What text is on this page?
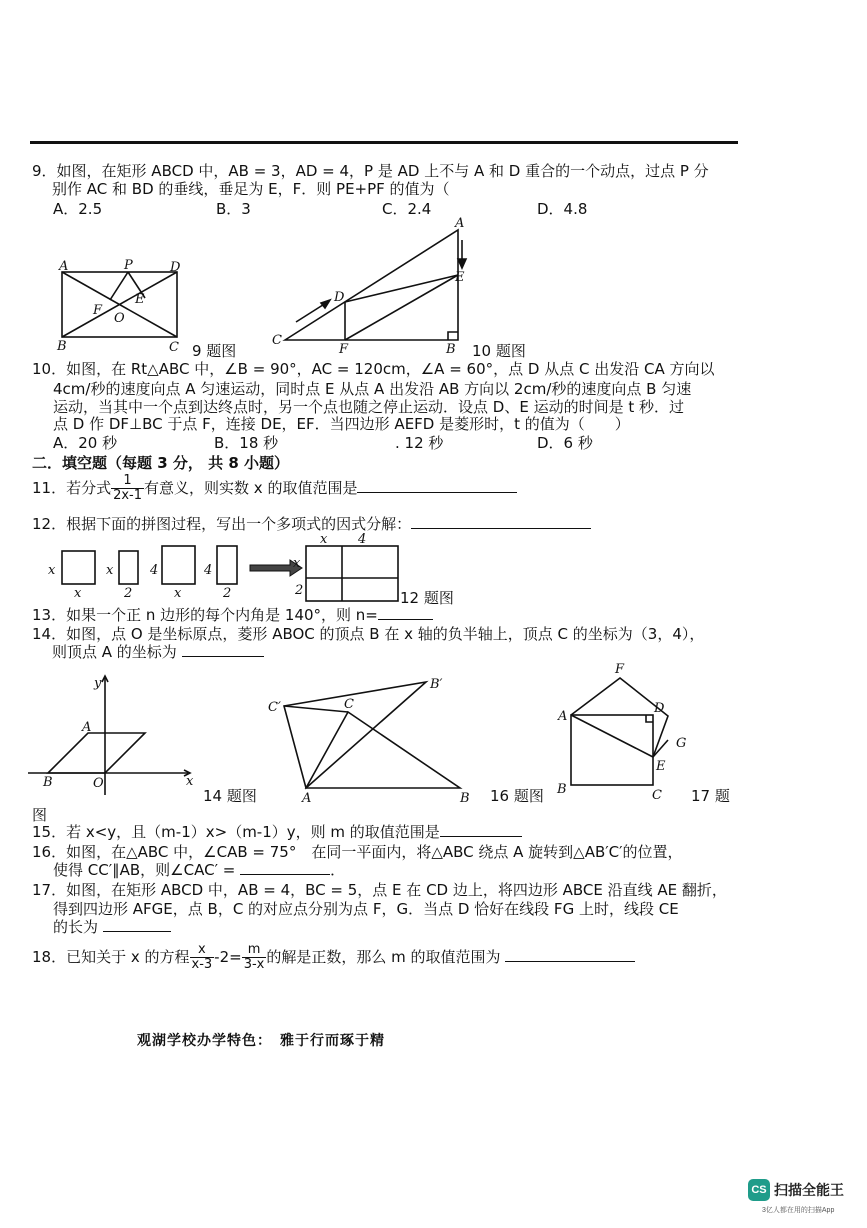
9．如图，在矩形 ABCD 中，AB = 3，AD = 4，P 是 AD 上不与 A 和 D 重合的一个动点，过点 P 分
别作 AC 和 BD 的垂线，垂足为 E，F．则 PE+PF 的值为（
A．2.5	B．3	C．2.4	D．4.8
A	P	D
B	C
F
E
O
A
E
D
C
F	B
9 题图	10 题图
10．如图，在 Rt△ABC 中，∠B = 90°，AC = 120cm，∠A = 60°，点 D 从点 C 出发沿 CA 方向以
4cm/秒的速度向点 A 匀速运动，同时点 E 从点 A 出发沿 AB 方向以 2cm/秒的速度向点 B 匀速
运动，当其中一个点到达终点时，另一个点也随之停止运动．设点 D、E 运动的时间是 t 秒．过
点 D 作 DF⊥BC 于点 F，连接 DE，EF．当四边形 AEFD 是菱形时，t 的值为（　　）
A．20 秒	B．18 秒	. 12 秒	D．6 秒
二．填空题（每题 3 分， 共 8 小题）
11．若分式 $\frac{1}{2x-1}$ 有意义，则实数 x 的取值范围是
12．根据下面的拼图过程，写出一个多项式的因式分解：
x
x
x
2
4
x
4
2
x 4
x
2	12 题图
13．如果一个正 n 边形的每个内角是 140°，则 n=
14．如图，点 O 是坐标原点，菱形 ABOC 的顶点 B 在 x 轴的负半轴上，顶点 C 的坐标为（3，4），
则顶点 A 的坐标为
y
x
A
B	O
C′	C
B′
A	B
F
A
D
G
E
B	C
14 题图
图
16 题图	17 题
15．若 x<y，且（m-1）x>（m-1）y，则 m 的取值范围是
16．如图，在△ABC 中，∠CAB = 75°　在同一平面内，将△ABC 绕点 A 旋转到△AB′C′的位置，
使得 CC′∥AB，则∠CAC′ =	．
17．如图，在矩形 ABCD 中，AB = 4，BC = 5，点 E 在 CD 边上，将四边形 ABCE 沿直线 AE 翻折，
得到四边形 AFGE，点 B，C 的对应点分别为点 F，G．当点 D 恰好在线段 FG 上时，线段 CE
的长为
18．已知关于 x 的方程 $\frac{x}{x-3} -2= \frac{m}{3-x}$ 的解是正数，那么 m 的取值范围为
观湖学校办学特色：　雅于行而琢于精
CS 扫描全能王
3亿人都在用的扫描App
